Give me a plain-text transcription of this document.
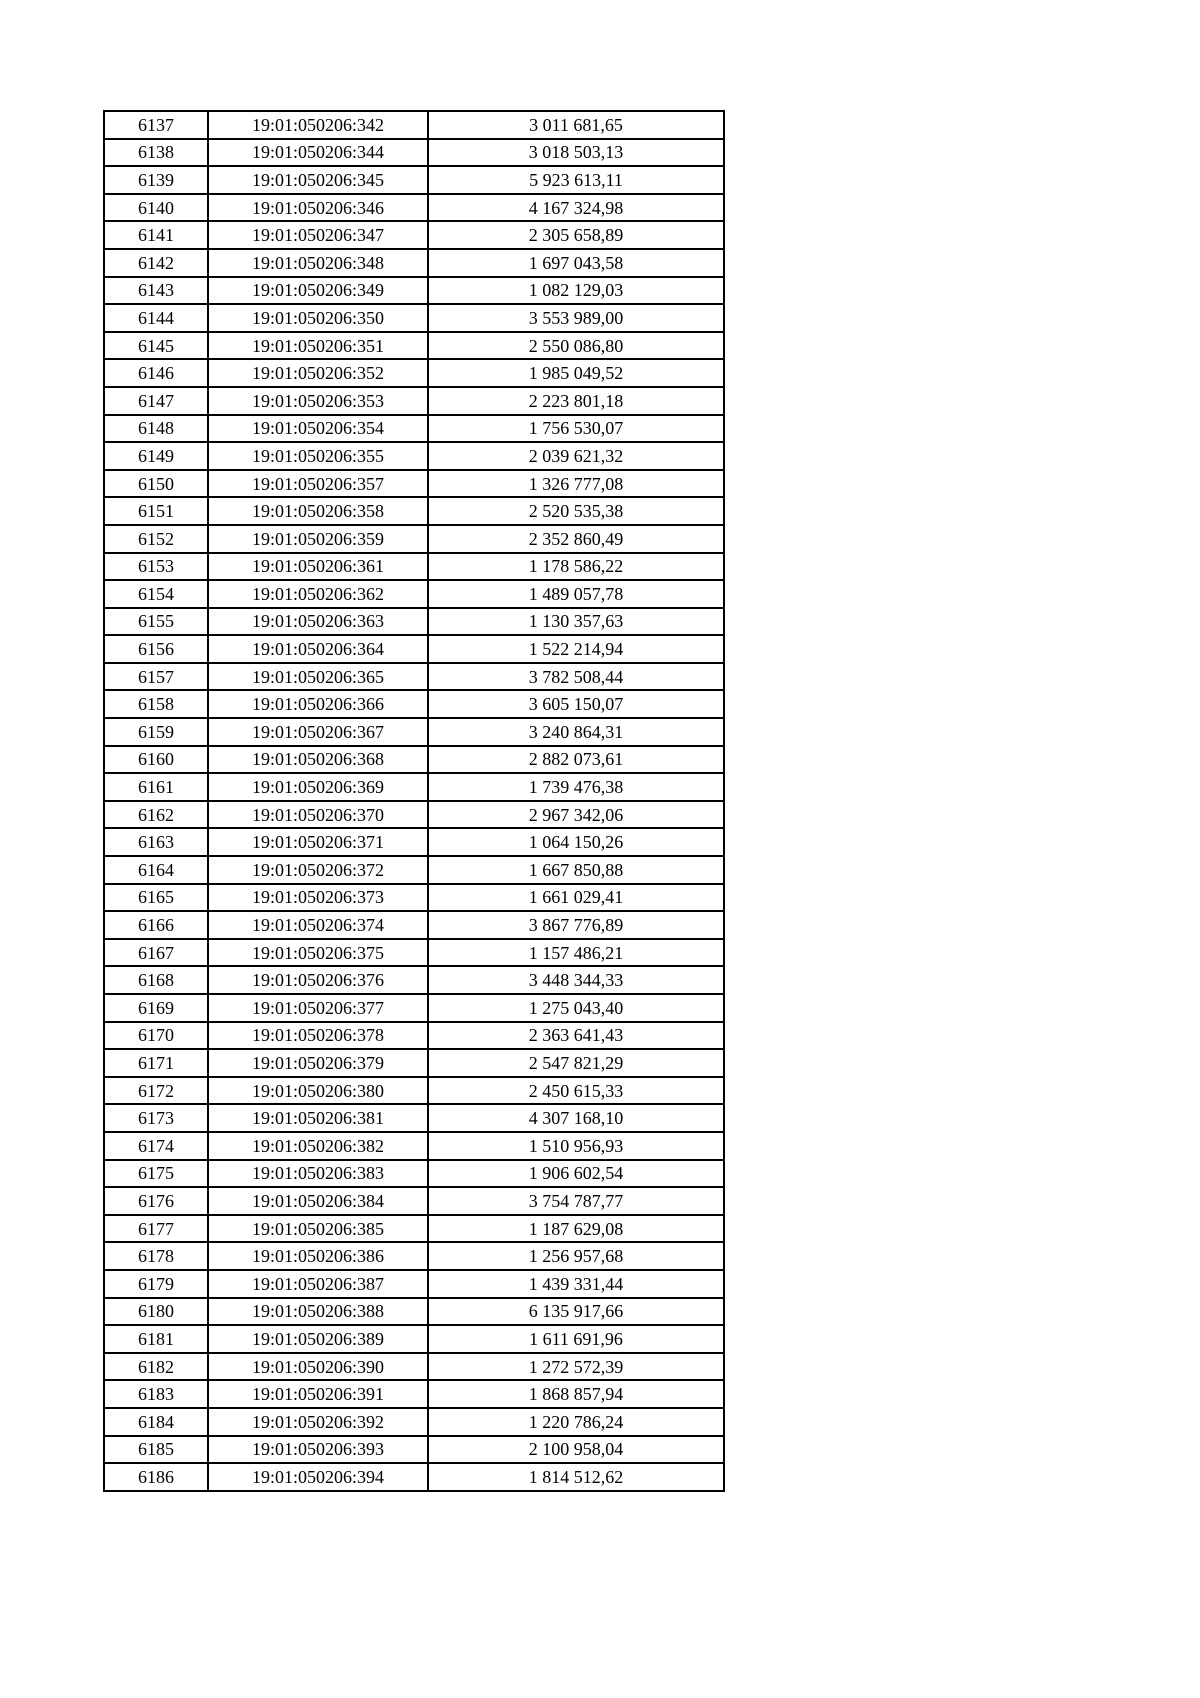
6137	19:01:050206:342	3 011 681,65
6138	19:01:050206:344	3 018 503,13
6139	19:01:050206:345	5 923 613,11
6140	19:01:050206:346	4 167 324,98
6141	19:01:050206:347	2 305 658,89
6142	19:01:050206:348	1 697 043,58
6143	19:01:050206:349	1 082 129,03
6144	19:01:050206:350	3 553 989,00
6145	19:01:050206:351	2 550 086,80
6146	19:01:050206:352	1 985 049,52
6147	19:01:050206:353	2 223 801,18
6148	19:01:050206:354	1 756 530,07
6149	19:01:050206:355	2 039 621,32
6150	19:01:050206:357	1 326 777,08
6151	19:01:050206:358	2 520 535,38
6152	19:01:050206:359	2 352 860,49
6153	19:01:050206:361	1 178 586,22
6154	19:01:050206:362	1 489 057,78
6155	19:01:050206:363	1 130 357,63
6156	19:01:050206:364	1 522 214,94
6157	19:01:050206:365	3 782 508,44
6158	19:01:050206:366	3 605 150,07
6159	19:01:050206:367	3 240 864,31
6160	19:01:050206:368	2 882 073,61
6161	19:01:050206:369	1 739 476,38
6162	19:01:050206:370	2 967 342,06
6163	19:01:050206:371	1 064 150,26
6164	19:01:050206:372	1 667 850,88
6165	19:01:050206:373	1 661 029,41
6166	19:01:050206:374	3 867 776,89
6167	19:01:050206:375	1 157 486,21
6168	19:01:050206:376	3 448 344,33
6169	19:01:050206:377	1 275 043,40
6170	19:01:050206:378	2 363 641,43
6171	19:01:050206:379	2 547 821,29
6172	19:01:050206:380	2 450 615,33
6173	19:01:050206:381	4 307 168,10
6174	19:01:050206:382	1 510 956,93
6175	19:01:050206:383	1 906 602,54
6176	19:01:050206:384	3 754 787,77
6177	19:01:050206:385	1 187 629,08
6178	19:01:050206:386	1 256 957,68
6179	19:01:050206:387	1 439 331,44
6180	19:01:050206:388	6 135 917,66
6181	19:01:050206:389	1 611 691,96
6182	19:01:050206:390	1 272 572,39
6183	19:01:050206:391	1 868 857,94
6184	19:01:050206:392	1 220 786,24
6185	19:01:050206:393	2 100 958,04
6186	19:01:050206:394	1 814 512,62
